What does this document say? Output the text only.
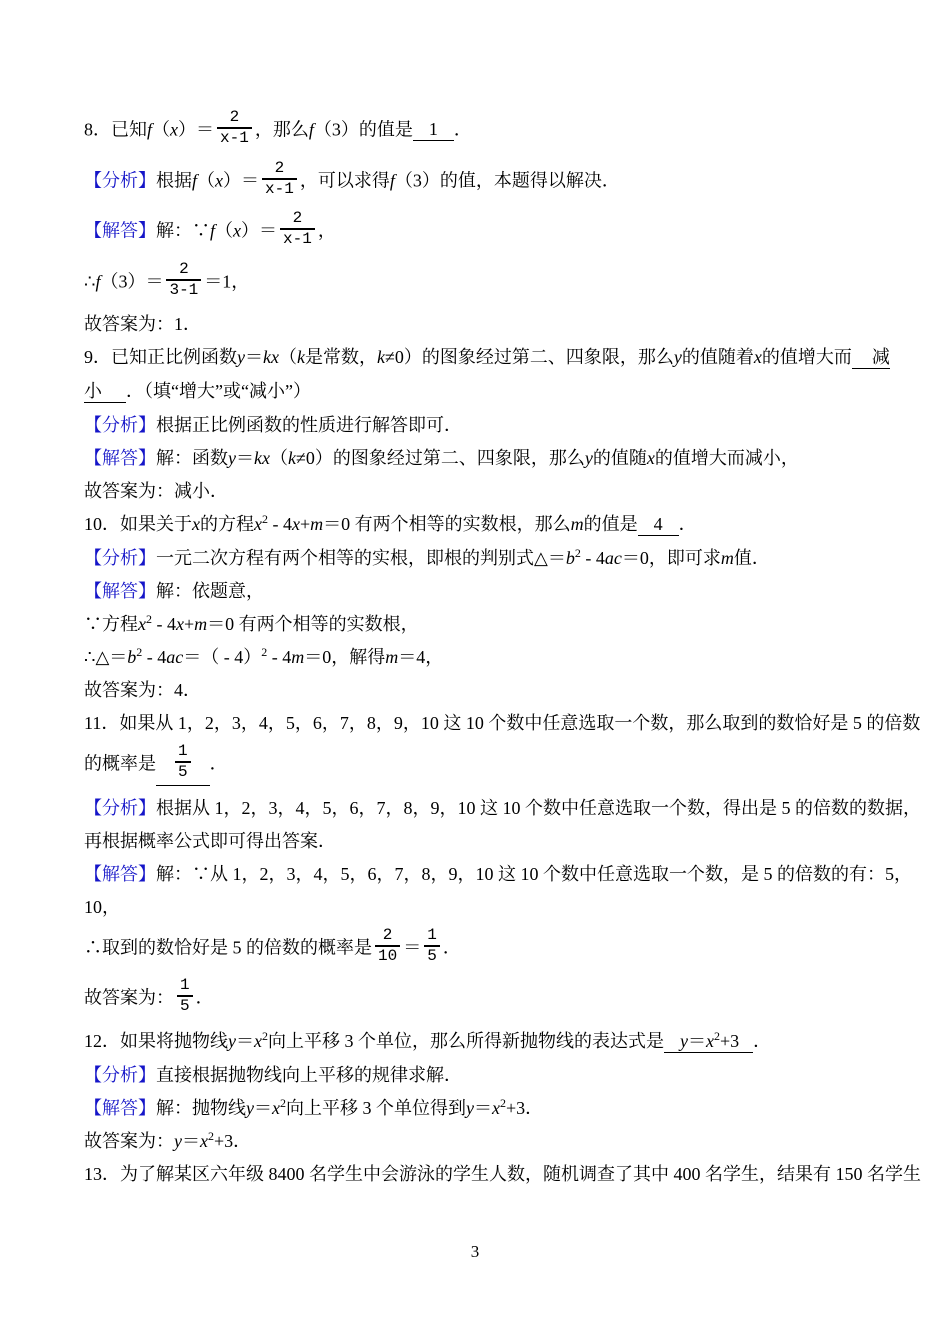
8．已知$f(x)= \frac{2}{x-1}$ ，那么f（3）的值是 1 ．
【分析】根据$f(x)= \frac{2}{x-1}$ ，可以求得f（3）的值，本题得以解决．
【解答】解：∵f（x）＝ $\frac{2}{x-1}$ ，
∴f（3）＝ $\frac{2}{3-1} =1$，
故答案为：1．
9．已知正比例函数y＝kx（k是常数，k≠0）的图象经过第二、四象限，那么y的值随着x的值增大而 减
小 ．（填“增大”或“减小”）
【分析】根据正比例函数的性质进行解答即可．
【解答】解：函数y＝kx（k≠0）的图象经过第二、四象限，那么y的值随x的值增大而减小，
故答案为：减小．
10．如果关于x的方程$x^2 - 4x+m=0$ 有两个相等的实数根，那么m的值是 4 ．
【分析】一元二次方程有两个相等的实根，即根的判别式$\triangle=b^2 - 4ac=0$，即可求m值．
【解答】解：依题意，
∵方程$x^2 - 4x+m=0$ 有两个相等的实数根，
$\therefore\triangle=b^2 - 4ac=( - 4)^2 - 4m=0$，解得m＝4，
故答案为：4．
11．如果从 1，2，3，4，5，6，7，8，9，10 这 10 个数中任意选取一个数，那么取到的数恰好是 5 的倍数
的概率是 $\frac{1}{5}$ ．
【分析】根据从 1，2，3，4，5，6，7，8，9，10 这 10 个数中任意选取一个数，得出是 5 的倍数的数据，
再根据概率公式即可得出答案．
【解答】解：∵从 1，2，3，4，5，6，7，8，9，10 这 10 个数中任意选取一个数，是 5 的倍数的有：5，
10，
∴取到的数恰好是 5 的倍数的概率是 $\frac{2}{10} = \frac{1}{5}$ ．
故答案为： $\frac{1}{5}$ ．
12．如果将抛物线$y=x^2$向上平移 3 个单位，那么所得新抛物线的表达式是 $y=x^2+3$ ．
【分析】直接根据抛物线向上平移的规律求解．
【解答】解：抛物线$y=x^2$向上平移 3 个单位得到$y=x^2+3$．
故答案为：$y=x^2+3$．
13．为了解某区六年级 8400 名学生中会游泳的学生人数，随机调查了其中 400 名学生，结果有 150 名学生
3
